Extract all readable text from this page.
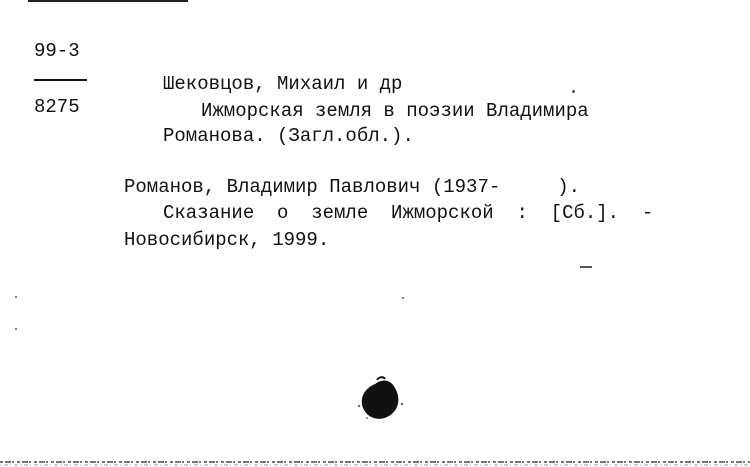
99-3
8275
Шековцов, Михаил и др
Ижморская земля в поэзии Владимира
Романова. (Загл.обл.).
Романов, Владимир Павлович (1937-     ).
Сказание  о  земле  Ижморской  :  [Сб.].  -
Новосибирск, 1999.
